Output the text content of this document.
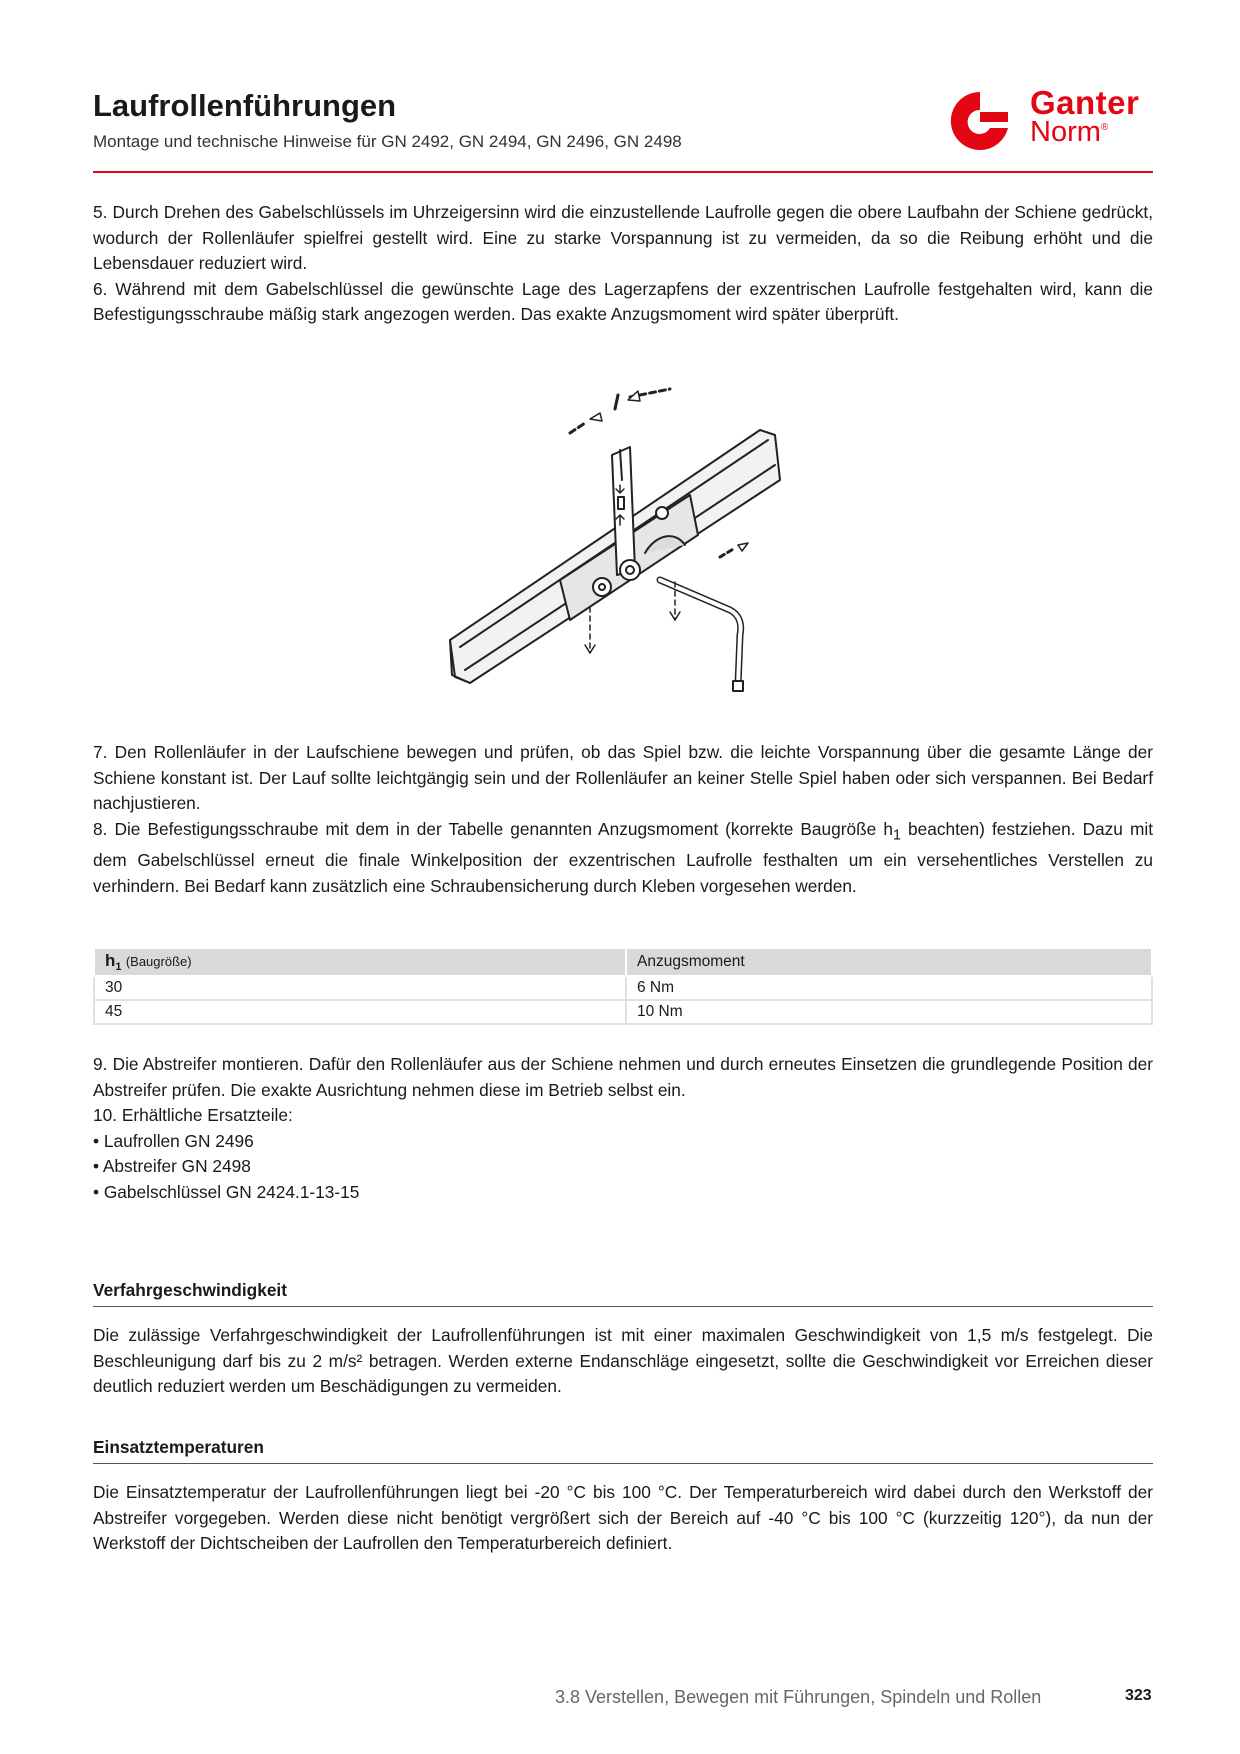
Laufrollenführungen
Montage und technische Hinweise für GN 2492, GN 2494, GN 2496, GN 2498
Ganter
Norm®

5. Durch Drehen des Gabelschlüssels im Uhrzeigersinn wird die einzustellende Laufrolle gegen die obere Laufbahn der Schiene gedrückt, wodurch der Rollenläufer spielfrei gestellt wird. Eine zu starke Vorspannung ist zu vermeiden, da so die Reibung erhöht und die Lebensdauer reduziert wird.

6. Während mit dem Gabelschlüssel die gewünschte Lage des Lagerzapfens der exzentrischen Laufrolle festgehalten wird, kann die Befestigungsschraube mäßig stark angezogen werden. Das exakte Anzugsmoment wird später überprüft.

7. Den Rollenläufer in der Laufschiene bewegen und prüfen, ob das Spiel bzw. die leichte Vorspannung über die gesamte Länge der Schiene konstant ist. Der Lauf sollte leichtgängig sein und der Rollenläufer an keiner Stelle Spiel haben oder sich verspannen. Bei Bedarf nachjustieren.

8. Die Befestigungsschraube mit dem in der Tabelle genannten Anzugsmoment (korrekte Baugröße $h_1$ beachten) festziehen. Dazu mit dem Gabelschlüssel erneut die finale Winkelposition der exzentrischen Laufrolle festhalten um ein versehentliches Verstellen zu verhindern. Bei Bedarf kann zusätzlich eine Schraubensicherung durch Kleben vorgesehen werden.

$h_1$ (Baugröße)	Anzugsmoment
30	6 Nm
45	10 Nm

9. Die Abstreifer montieren. Dafür den Rollenläufer aus der Schiene nehmen und durch erneutes Einsetzen die grundlegende Position der Abstreifer prüfen. Die exakte Ausrichtung nehmen diese im Betrieb selbst ein.

10. Erhältliche Ersatzteile:

• Laufrollen GN 2496
• Abstreifer GN 2498
• Gabelschlüssel GN 2424.1-13-15
Verfahrgeschwindigkeit
Die zulässige Verfahrgeschwindigkeit der Laufrollenführungen ist mit einer maximalen Geschwindigkeit von 1,5 m/s festgelegt. Die Beschleunigung darf bis zu 2 m/s² betragen. Werden externe Endanschläge eingesetzt, sollte die Geschwindigkeit vor Erreichen dieser deutlich reduziert werden um Beschädigungen zu vermeiden.
Einsatztemperaturen
Die Einsatztemperatur der Laufrollenführungen liegt bei -20 °C bis 100 °C. Der Temperaturbereich wird dabei durch den Werkstoff der Abstreifer vorgegeben. Werden diese nicht benötigt vergrößert sich der Bereich auf -40 °C bis 100 °C (kurzzeitig 120°), da nun der Werkstoff der Dichtscheiben der Laufrollen den Temperaturbereich definiert.
3.8 Verstellen, Bewegen mit Führungen, Spindeln und Rollen	323
